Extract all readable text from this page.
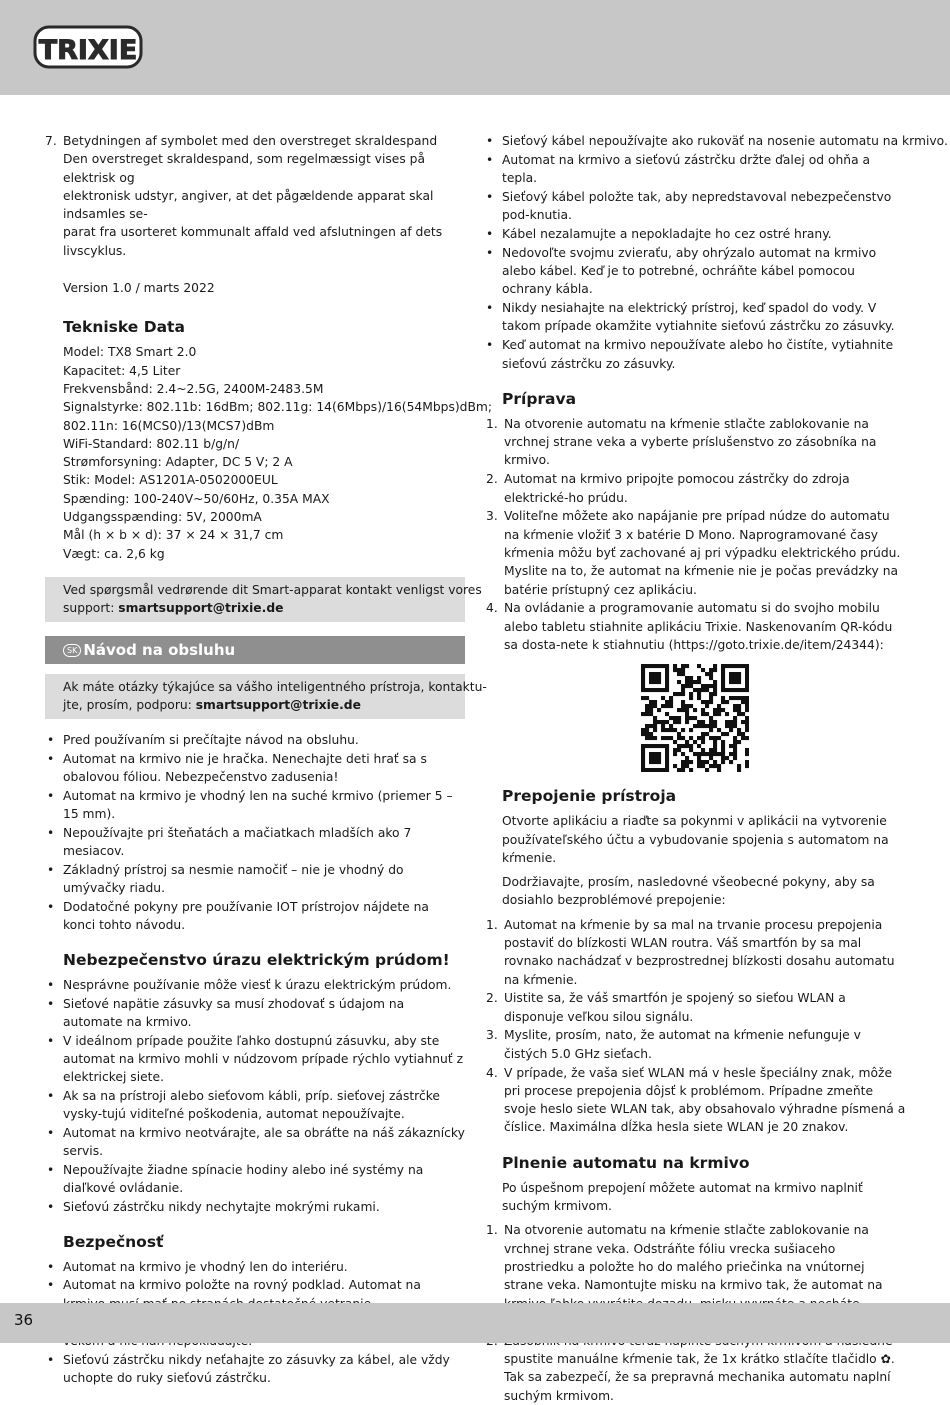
TRIXIE
7. Betydningen af symbolet med den overstreget skraldespand

Den overstreget skraldespand, som regelmæssigt vises på elektrisk og

elektronisk udstyr, angiver, at det pågældende apparat skal indsamles se-

parat fra usorteret kommunalt affald ved afslutningen af dets livscyklus.

Version 1.0 / marts 2022

Tekniske Data

Model: TX8 Smart 2.0

Kapacitet: 4,5 Liter

Frekvensbånd: 2.4~2.5G, 2400M-2483.5M

Signalstyrke: 802.11b: 16dBm; 802.11g: 14(6Mbps)/16(54Mbps)dBm;

802.11n: 16(MCS0)/13(MCS7)dBm

WiFi-Standard: 802.11 b/g/n/

Strømforsyning: Adapter, DC 5 V; 2 A

Stik: Model: AS1201A-0502000EUL

Spænding: 100-240V~50/60Hz, 0.35A MAX

Udgangsspænding: 5V, 2000mA

Mål (h × b × d): 37 × 24 × 31,7 cm

Vægt: ca. 2,6 kg

Ved spørgsmål vedrørende dit Smart-apparat kontakt venligst vores
support: smartsupport@trixie.de
SK Návod na obsluhu
Ak máte otázky týkajúce sa vášho inteligentného prístroja, kontaktu-
jte, prosím, podporu: smartsupport@trixie.de
• Pred používaním si prečítajte návod na obsluhu.
• Automat na krmivo nie je hračka. Nenechajte deti hrať sa s obalovou fóliou. Nebezpečenstvo zadusenia!
• Automat na krmivo je vhodný len na suché krmivo (priemer 5 – 15 mm).
• Nepoužívajte pri šteňatách a mačiatkach mladších ako 7 mesiacov.
• Základný prístroj sa nesmie namočiť – nie je vhodný do umývačky riadu.
• Dodatočné pokyny pre používanie IOT prístrojov nájdete na konci tohto návodu.
Nebezpečenstvo úrazu elektrickým prúdom!
• Nesprávne používanie môže viesť k úrazu elektrickým prúdom.
• Sieťové napätie zásuvky sa musí zhodovať s údajom na automate na krmivo.
• V ideálnom prípade použite ľahko dostupnú zásuvku, aby ste automat na krmivo mohli v núdzovom prípade rýchlo vytiahnuť z elektrickej siete.
• Ak sa na prístroji alebo sieťovom kábli, príp. sieťovej zástrčke vysky-tujú viditeľné poškodenia, automat nepoužívajte.
• Automat na krmivo neotvárajte, ale sa obráťte na náš zákaznícky servis.
• Nepoužívajte žiadne spínacie hodiny alebo iné systémy na diaľkové ovládanie.
• Sieťovú zástrčku nikdy nechytajte mokrými rukami.
Bezpečnosť
• Automat na krmivo je vhodný len do interiéru.
• Automat na krmivo položte na rovný podklad. Automat na
•
• Sieťovú zástrčku nikdy neťahajte zo zásuvky za kábel, ale vždy uchopte do ruky sieťovú zástrčku.
• Sieťový kábel nepoužívajte ako rukoväť na nosenie automatu na krmivo.
• Automat na krmivo a sieťovú zástrčku držte ďalej od ohňa a tepla.
• Sieťový kábel položte tak, aby nepredstavoval nebezpečenstvo pod-knutia.
• Kábel nezalamujte a nepokladajte ho cez ostré hrany.
• Nedovoľte svojmu zvieraťu, aby ohrýzalo automat na krmivo alebo kábel. Keď je to potrebné, ochráňte kábel pomocou ochrany kábla.
• Nikdy nesiahajte na elektrický prístroj, keď spadol do vody. V takom prípade okamžite vytiahnite sieťovú zástrčku zo zásuvky.
• Keď automat na krmivo nepoužívate alebo ho čistíte, vytiahnite sieťovú zástrčku zo zásuvky.
Príprava
1. Na otvorenie automatu na kŕmenie stlačte zablokovanie na vrchnej strane veka a vyberte príslušenstvo zo zásobníka na krmivo.
2. Automat na krmivo pripojte pomocou zástrčky do zdroja elektrické-ho prúdu.
3. Voliteľne môžete ako napájanie pre prípad núdze do automatu na kŕmenie vložiť 3 x batérie D Mono. Naprogramované časy kŕmenia môžu byť zachované aj pri výpadku elektrického prúdu. Myslite na to, že automat na kŕmenie nie je počas prevádzky na batérie prístupný cez aplikáciu.
4. Na ovládanie a programovanie automatu si do svojho mobilu alebo tabletu stiahnite aplikáciu Trixie. Naskenovaním QR-kódu sa dosta-nete k stiahnutiu (https://goto.trixie.de/item/24344):
Prepojenie prístroja

Otvorte aplikáciu a riaďte sa pokynmi v aplikácii na vytvorenie používateľského účtu a vybudovanie spojenia s automatom na kŕmenie.

Dodržiavajte, prosím, nasledovné všeobecné pokyny, aby sa dosiahlo bezproblémové prepojenie:

1. Automat na kŕmenie by sa mal na trvanie procesu prepojenia postaviť do blízkosti WLAN routra. Váš smartfón by sa mal rovnako nachádzať v bezprostrednej blízkosti dosahu automatu na kŕmenie.
2. Uistite sa, že váš smartfón je spojený so sieťou WLAN a disponuje veľkou silou signálu.
3. Myslite, prosím, nato, že automat na kŕmenie nefunguje v čistých 5.0 GHz sieťach.
4. V prípade, že vaša sieť WLAN má v hesle špeciálny znak, môže pri procese prepojenia dôjsť k problémom. Prípadne zmeňte svoje heslo siete WLAN tak, aby obsahovalo výhradne písmená a číslice. Maximálna dĺžka hesla siete WLAN je 20 znakov.
Plnenie automatu na krmivo

Po úspešnom prepojení môžete automat na krmivo naplniť suchým krmivom.

1. Na otvorenie automatu na kŕmenie stlačte zablokovanie na vrchnej strane veka. Odstráňte fóliu vrecka sušiaceho prostriedku a položte ho do malého priečinka na vnútornej strane veka. Namontujte misku na krmivo tak, že automat na
spustite manuálne kŕmenie tak, že 1x krátko stlačíte tlačidlo ✿. Tak sa zabezpečí, že sa prepravná mechanika automatu naplní suchým krmivom.
36
